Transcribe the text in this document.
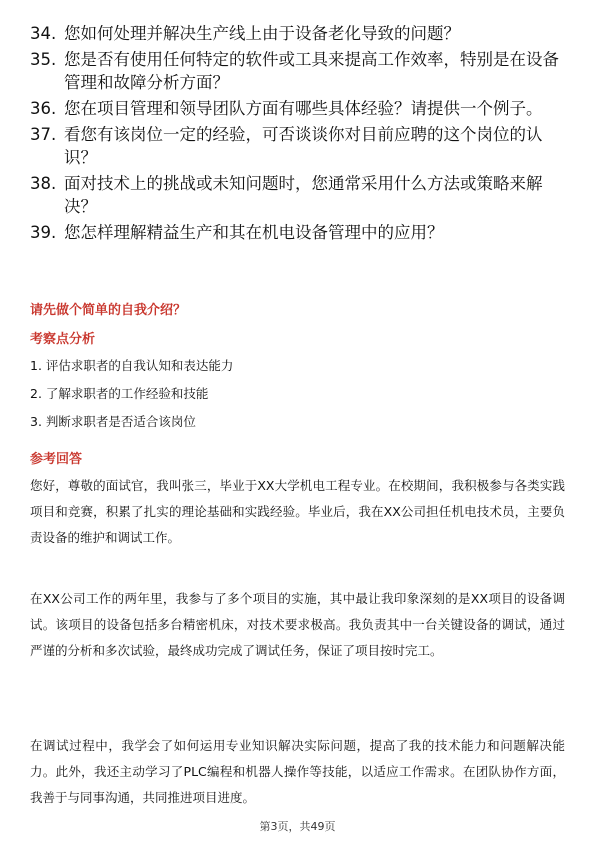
34. 您如何处理并解决生产线上由于设备老化导致的问题？
35. 您是否有使用任何特定的软件或工具来提高工作效率，特别是在设备管理和故障分析方面？
36. 您在项目管理和领导团队方面有哪些具体经验？请提供一个例子。
37. 看您有该岗位一定的经验，可否谈谈你对目前应聘的这个岗位的认识？
38. 面对技术上的挑战或未知问题时，您通常采用什么方法或策略来解决？
39. 您怎样理解精益生产和其在机电设备管理中的应用？
请先做个简单的自我介绍？
考察点分析
1. 评估求职者的自我认知和表达能力
2. 了解求职者的工作经验和技能
3. 判断求职者是否适合该岗位
参考回答

您好，尊敬的面试官，我叫张三，毕业于XX大学机电工程专业。在校期间，我积极参与各类实践项目和竞赛，积累了扎实的理论基础和实践经验。毕业后，我在XX公司担任机电技术员，主要负责设备的维护和调试工作。

在XX公司工作的两年里，我参与了多个项目的实施，其中最让我印象深刻的是XX项目的设备调试。该项目的设备包括多台精密机床，对技术要求极高。我负责其中一台关键设备的调试，通过严谨的分析和多次试验，最终成功完成了调试任务，保证了项目按时完工。

在调试过程中，我学会了如何运用专业知识解决实际问题，提高了我的技术能力和问题解决能力。此外，我还主动学习了PLC编程和机器人操作等技能，以适应工作需求。在团队协作方面，我善于与同事沟通，共同推进项目进度。

第3页，共49页
